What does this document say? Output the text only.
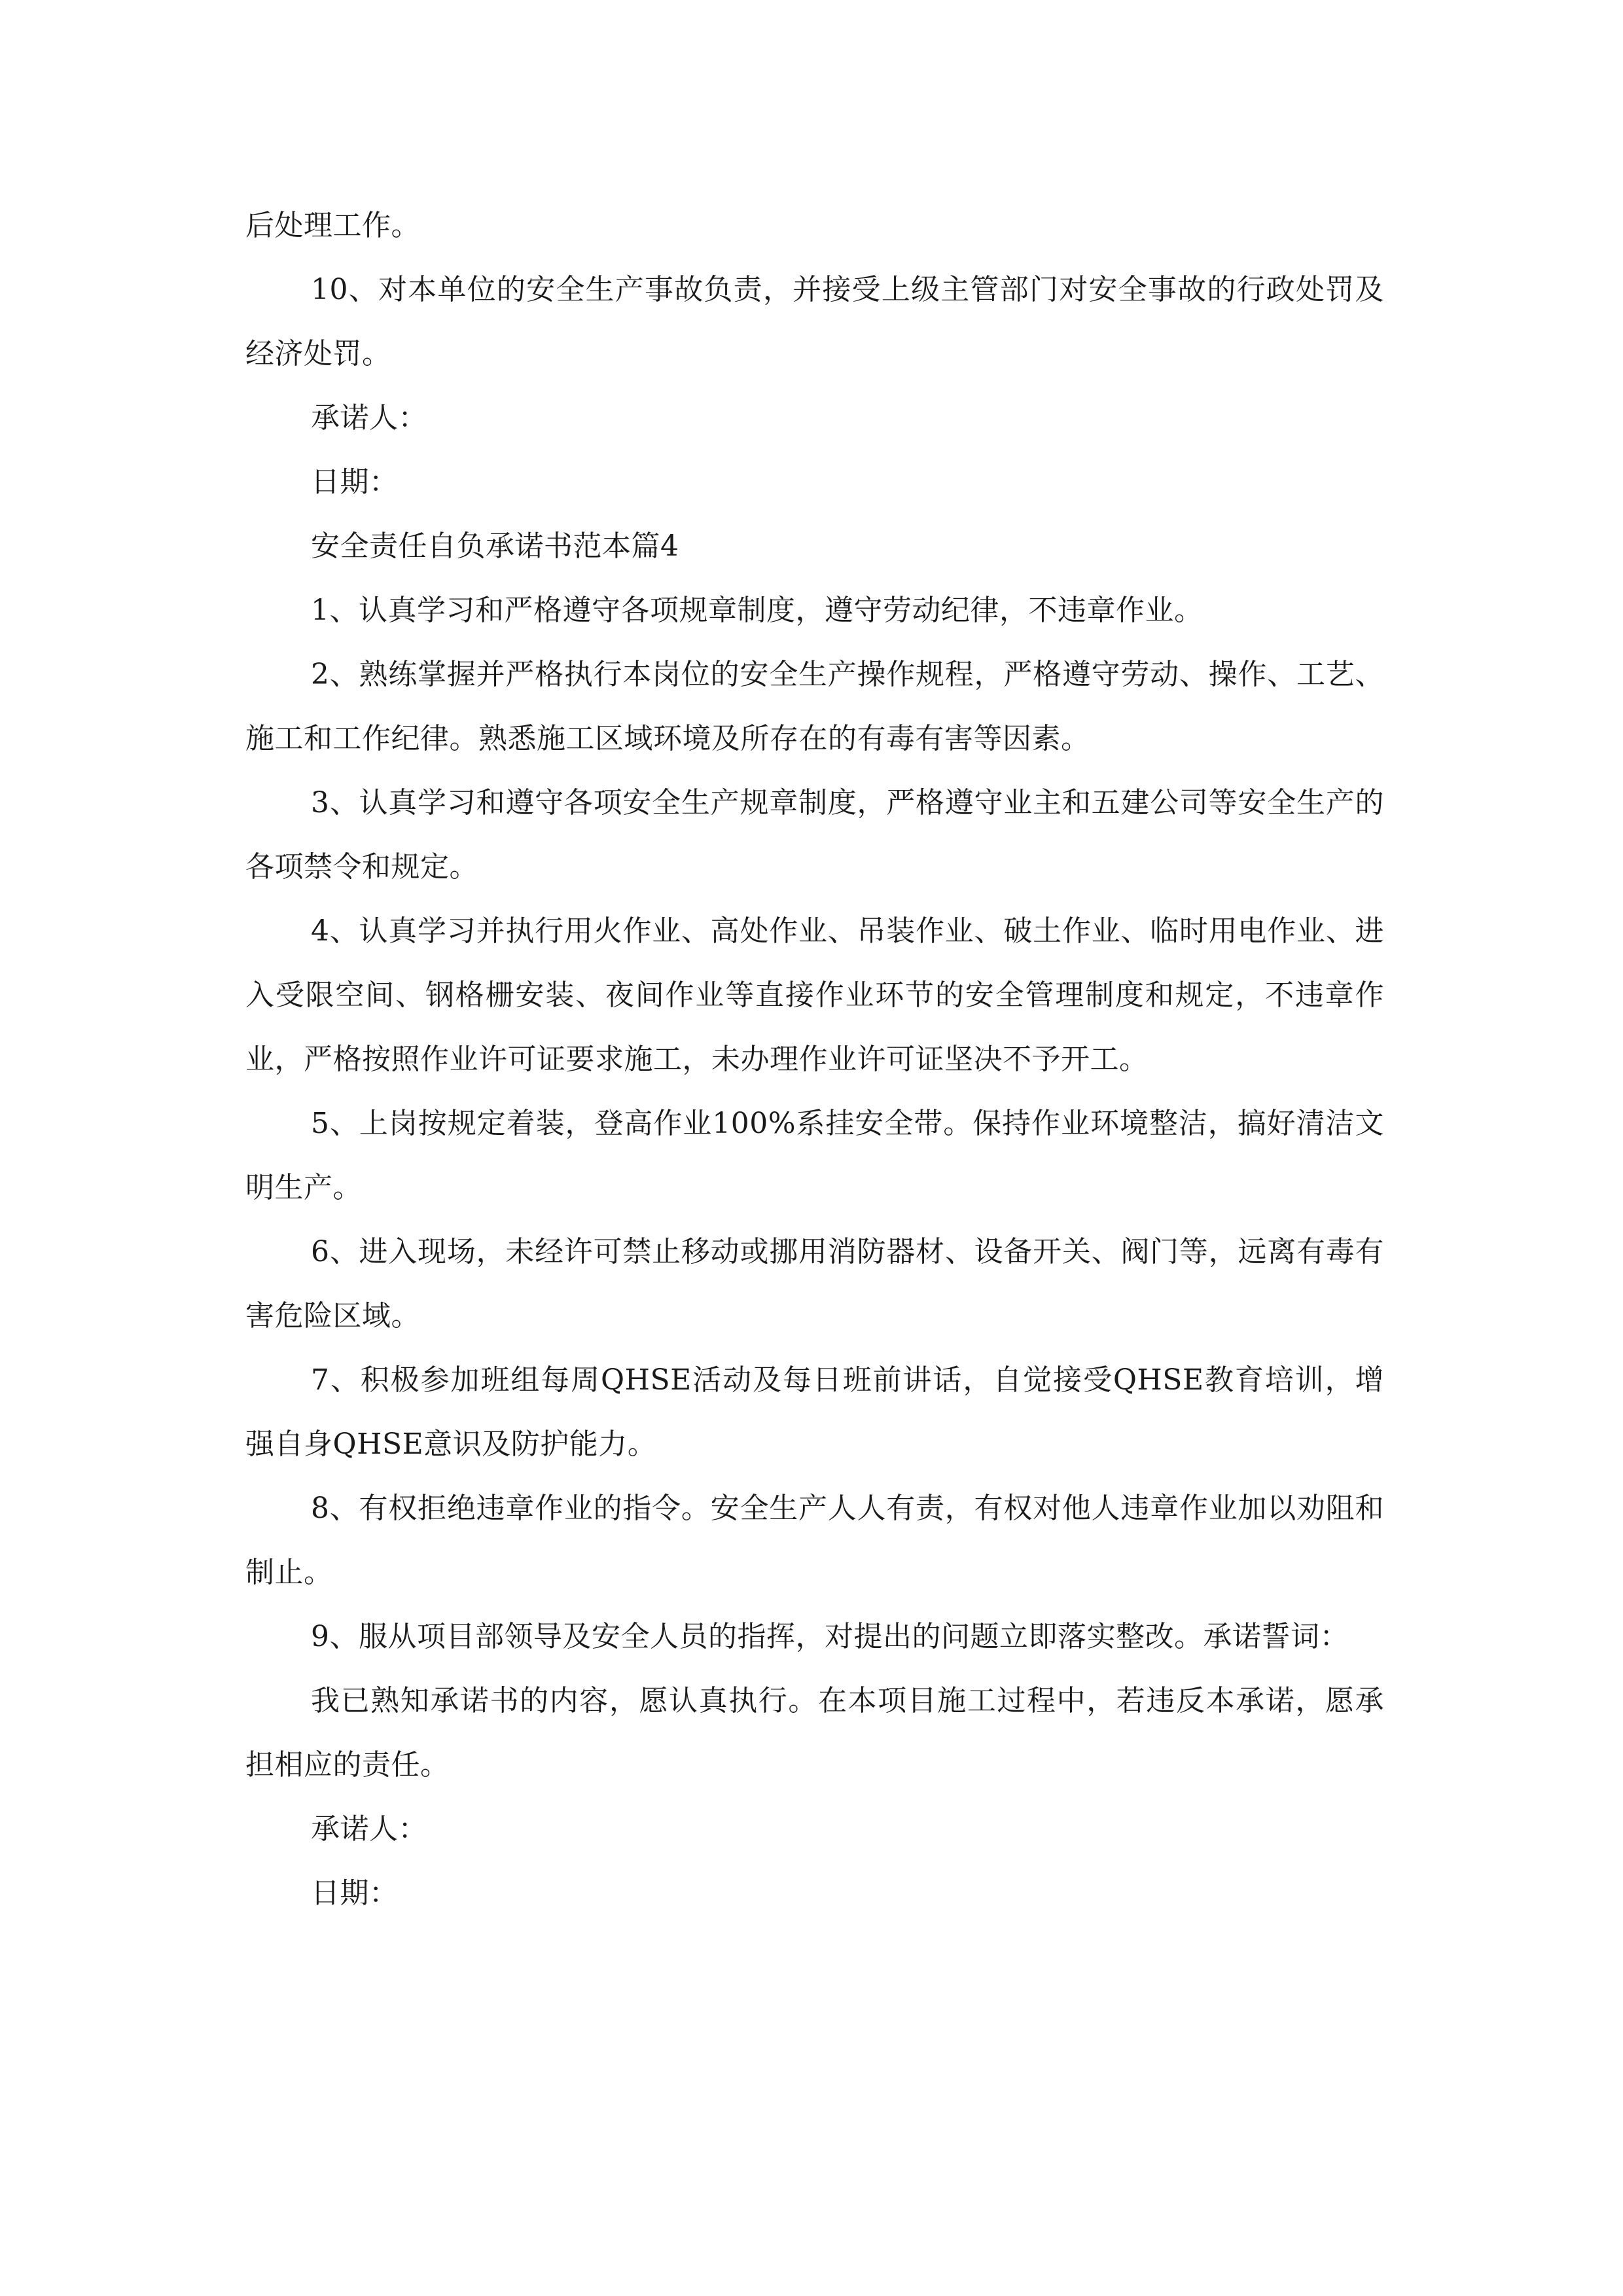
后处理工作。

10、对本单位的安全生产事故负责，并接受上级主管部门对安全事故的行政处罚及经济处罚。

承诺人：

日期：

安全责任自负承诺书范本篇4

1、认真学习和严格遵守各项规章制度，遵守劳动纪律，不违章作业。

2、熟练掌握并严格执行本岗位的安全生产操作规程，严格遵守劳动、操作、工艺、施工和工作纪律。熟悉施工区域环境及所存在的有毒有害等因素。

3、认真学习和遵守各项安全生产规章制度，严格遵守业主和五建公司等安全生产的各项禁令和规定。

4、认真学习并执行用火作业、高处作业、吊装作业、破土作业、临时用电作业、进入受限空间、钢格栅安装、夜间作业等直接作业环节的安全管理制度和规定，不违章作业，严格按照作业许可证要求施工，未办理作业许可证坚决不予开工。

5、上岗按规定着装，登高作业100%系挂安全带。保持作业环境整洁，搞好清洁文明生产。

6、进入现场，未经许可禁止移动或挪用消防器材、设备开关、阀门等，远离有毒有害危险区域。

7、积极参加班组每周QHSE活动及每日班前讲话，自觉接受QHSE教育培训，增强自身QHSE意识及防护能力。

8、有权拒绝违章作业的指令。安全生产人人有责，有权对他人违章作业加以劝阻和制止。

9、服从项目部领导及安全人员的指挥，对提出的问题立即落实整改。承诺誓词：

我已熟知承诺书的内容，愿认真执行。在本项目施工过程中，若违反本承诺，愿承担相应的责任。

承诺人：

日期：
